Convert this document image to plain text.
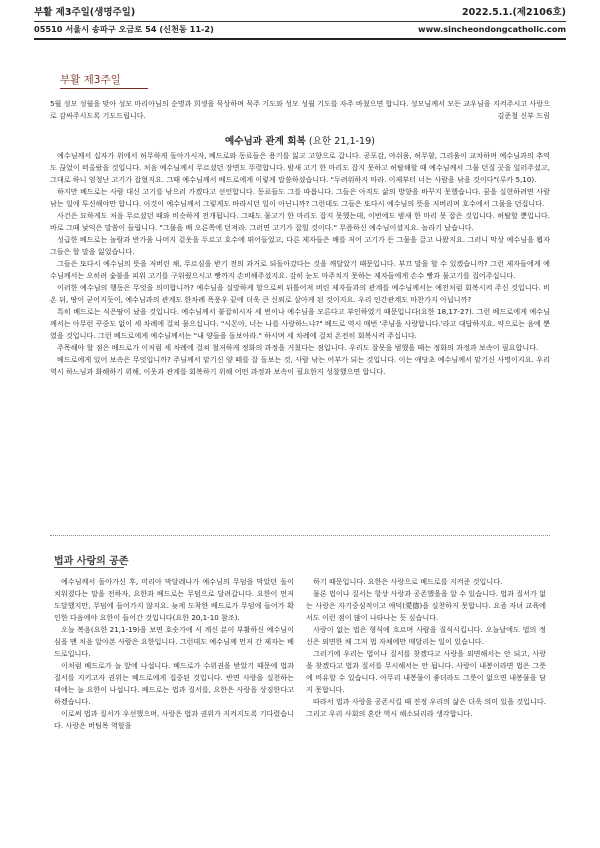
부활 제3주일(생명주일)	2022.5.1.(제2106호)
05510 서울시 송파구 오금로 54 (신천동 11-2)	www.sincheondongcatholic.com
부활 제3주일

5월 성모 성월을 맞아 성모 마리아님의 순명과 희생을 묵상하며 묵주 기도와 성모 성월 기도를 자주 바쳤으면 합니다. 성모님께서 모든 교우님을 지켜주시고 사랑으로 감싸주시도록 기도드립니다.	김준철 신부 드림

예수님과 관계 회복 (요한 21,1-19)

예수님께서 십자가 위에서 허무하게 돌아가시자, 베드로와 동료들은 용기를 잃고 고향으로 갑니다. 공포감, 아쉬움, 허무함, 그리움이 교차하며 예수님과의 추억도 끊었이 떠올랐을 것입니다. 처음 예수님께서 무르셨던 장면도 뚜렷합니다. 밤새 고기 한 마리도 잡지 못하고 허탈해할 때 예수님께서 그물 던질 곳을 일러주셨고, 그대로 하니 엄청난 고기가 잡혔지요. 그때 예수님께서 베드로에게 이렇게 말씀하셨습니다. "두려워하지 마라. 이제부터 너는 사람을 낚을 것이다"(루카 5,10).

하지만 베드로는 사람 대신 고기를 낚으러 가겠다고 선언합니다. 동료들도 그를 따릅니다. 그들은 아직도 삶의 방향을 바꾸지 못했습니다. 꿈을 실현하려면 사람 낚는 일에 투신해야만 합니다. 이것이 예수님께서 그렇게도 바라시던 일이 아닌니까? 그런데도 그들은 또다시 예수님의 뜻을 저버리며 호수에서 그물을 던집니다.

사건은 묘하게도 처음 무르셨던 때와 비슷하게 전개됩니다. 그때도 물고기 한 마리도 잡지 못했는데, 이번에도 밤새 한 마리 못 잡은 것입니다. 허탈할 뿐입니다. 바로 그때 낯익은 말씀이 들립니다. "그물을 배 오른쪽에 던져라. 그러면 고기가 잡힐 것이다." 무릎하신 예수님이셨지요. 놀라기 났습니다.

성급한 베드로는 놀람과 반가움 나머지 겉옷을 두르고 호수에 뛰어들었고, 다른 제자들은 배를 저어 고기가 든 그물을 끌고 나왔지요. 그러니 막상 예수님을 뵙자 그들은 할 말을 잃었습니다.

그들은 또다시 예수님의 뜻을 저버린 채, 무르심을 받기 전의 과거로 되돌아갔다는 것을 깨달았기 때문입니다. 부끄 말을 할 수 있겠습니까? 그런 제자들에게 예수님께서는 오히려 숯불을 피워 고기를 구워줬으시고 빵까지 손비해주셨지요. 감히 눈도 마주치지 못하는 제자들에게 손수 빵과 물고기를 집어주십니다.

이러한 예수님의 행동은 무엇을 의미합니까? 예수님을 실망하게 할으로써 뒤틀어져 버린 제자들과의 관계를 예수님께서는 예전처럼 회복시켜 주신 것입니다. 비 온 뒤, 땅이 굳어지듯이, 예수님과의 관계도 한차례 폭풍우 끝에 더욱 큰 신뢰로 살아게 된 것이지요. 우리 인간관계도 마찬가지 아닙니까?

특히 베드로는 식은땀이 났을 것입니다. 예수님께서 붙잡히시자 세 번이나 예수님을 모른다고 부인하였기 때문입니다(요한 18,17-27). 그런 베드로에게 예수님께서는 아무런 꾸중도 없이 세 차례에 걸쳐 물으십니다. "시몬아, 너는 나를 사랑하느냐?" 베드로 역시 매번 '주님을 사랑합니다.'라고 대답하지요. 약으로는 음에 뿐였을 것입니다. 그런 베드로에게 예수님께서는 "내 양들을 돌보아라." 하시며 세 차례에 걸쳐 온전히 회복시켜 주십니다.

주목해야 할 점은 베드로가 이처럼 세 차례에 걸쳐 철저하게 정화의 과정을 거쳤다는 점입니다. 우리도 잘못을 범했을 때는 정화의 과정과 보속이 필요합니다.

베드로에게 있어 보속은 무엇입니까? 주님께서 맡기신 양 떼를 잘 돌보는 것, 사람 낚는 어부가 되는 것입니다. 이는 애당초 예수님께서 맡기신 사명이지요. 우리 역시 하느님과 화해하기 위해, 이웃과 관계를 회복하기 위해 어떤 과정과 보속이 필요한지 성찰했으면 합니다.

법과 사랑의 공존

예수님께서 돌아가신 후, 미리아 막달레나가 예수님의 무덤을 막았던 돌이 치워졌다는 말을 전하자, 요한과 베드로는 무덤으로 달려갑니다. 요한이 먼저 도달했지만, 무덤에 들어가지 않지요. 늦게 도착한 베드로가 무덤에 들어가 확인한 다음에야 요한이 들어간 것입니다(요한 20,1-10 참조).

오늘 복음(요한 21,1-19)을 보면 호숫가에 서 계신 분이 부활하신 예수님이심을 맨 처음 알아본 사람은 요한입니다. 그런데도 예수님께 먼저 간 제자는 베드로입니다.

이처럼 베드로가 늘 앞에 나섭니다. 베드로가 수위권을 받았기 때문에 법과 질서를 지키고자 권위는 베드로에게 집중된 것입니다. 반면 사랑을 실천하는 데에는 늘 요한이 나섭니다. 베드로는 법과 질서를, 요한은 사랑을 상징한다고 하겠습니다.

이로써 법과 질서가 우선했으며, 사랑은 법과 권위가 지켜지도록 기다렸습니다. 사랑은 버팀목 역할을

하기 때문입니다. 요한은 사랑으로 베드로를 지켜준 것입니다.

물론 법이나 질서는 항상 사랑과 공존했을을 알 수 있습니다. 법과 질서가 없는 사랑은 자기중심적이고 애덕(愛德)을 실천하지 못합니다. 요즘 자녀 교육에서도 이런 점이 많이 나타나는 듯 싶습니다.

사랑이 없는 법은 형식에 흐르며 사람을 질식시킵니다. 오늘날에도 법의 정신은 외면한 채 그저 법 자체에만 매달리는 일이 있습니다.

그러기에 우리는 법이나 질서를 찾겠다고 사랑을 외면해서는 안 되고, 사랑을 찾겠다고 법과 질서를 무시해서는 안 됩니다. 사랑이 내봉이라면 법은 그릇에 비유할 수 있습니다. 아무리 내봉물이 좋더라도 그릇이 없으면 내봉물을 담지 못합니다.

따라서 법과 사랑을 공존시킬 때 진정 우리의 삶은 더욱 의미 있을 것입니다. 그리고 우리 사회의 혼란 역시 해소되리라 생각합니다.
